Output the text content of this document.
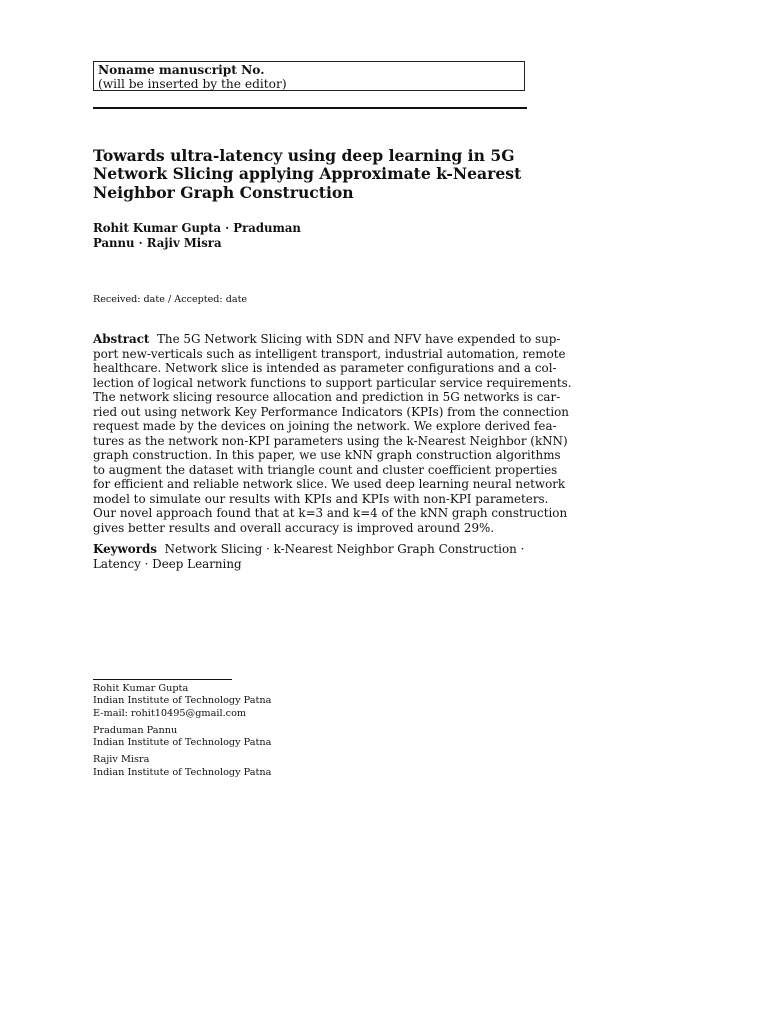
Noname manuscript No.
(will be inserted by the editor)
Towards ultra-latency using deep learning in 5G
Network Slicing applying Approximate k-Nearest
Neighbor Graph Construction
Rohit Kumar Gupta · Praduman
Pannu · Rajiv Misra
Received: date / Accepted: date
Abstract The 5G Network Slicing with SDN and NFV have expended to sup-
port new-verticals such as intelligent transport, industrial automation, remote
healthcare. Network slice is intended as parameter configurations and a col-
lection of logical network functions to support particular service requirements.
The network slicing resource allocation and prediction in 5G networks is car-
ried out using network Key Performance Indicators (KPIs) from the connection
request made by the devices on joining the network. We explore derived fea-
tures as the network non-KPI parameters using the k-Nearest Neighbor (kNN)
graph construction. In this paper, we use kNN graph construction algorithms
to augment the dataset with triangle count and cluster coefficient properties
for efficient and reliable network slice. We used deep learning neural network
model to simulate our results with KPIs and KPIs with non-KPI parameters.
Our novel approach found that at k=3 and k=4 of the kNN graph construction
gives better results and overall accuracy is improved around 29%.
Keywords Network Slicing · k-Nearest Neighbor Graph Construction ·
Latency · Deep Learning
Rohit Kumar Gupta
Indian Institute of Technology Patna
E-mail: rohit10495@gmail.com
Praduman Pannu
Indian Institute of Technology Patna
Rajiv Misra
Indian Institute of Technology Patna
